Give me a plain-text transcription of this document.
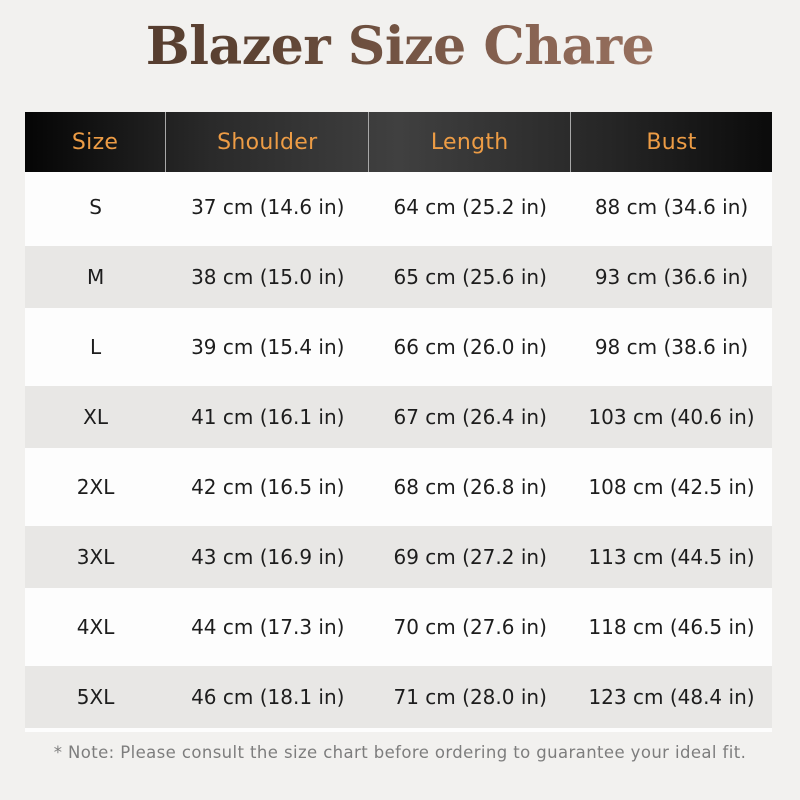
Blazer Size Chare
Size	Shoulder	Length	Bust
S	37 cm (14.6 in)	64 cm (25.2 in)	88 cm (34.6 in)
M	38 cm (15.0 in)	65 cm (25.6 in)	93 cm (36.6 in)
L	39 cm (15.4 in)	66 cm (26.0 in)	98 cm (38.6 in)
XL	41 cm (16.1 in)	67 cm (26.4 in)	103 cm (40.6 in)
2XL	42 cm (16.5 in)	68 cm (26.8 in)	108 cm (42.5 in)
3XL	43 cm (16.9 in)	69 cm (27.2 in)	113 cm (44.5 in)
4XL	44 cm (17.3 in)	70 cm (27.6 in)	118 cm (46.5 in)
5XL	46 cm (18.1 in)	71 cm (28.0 in)	123 cm (48.4 in)
* Note: Please consult the size chart before ordering to guarantee your ideal fit.
